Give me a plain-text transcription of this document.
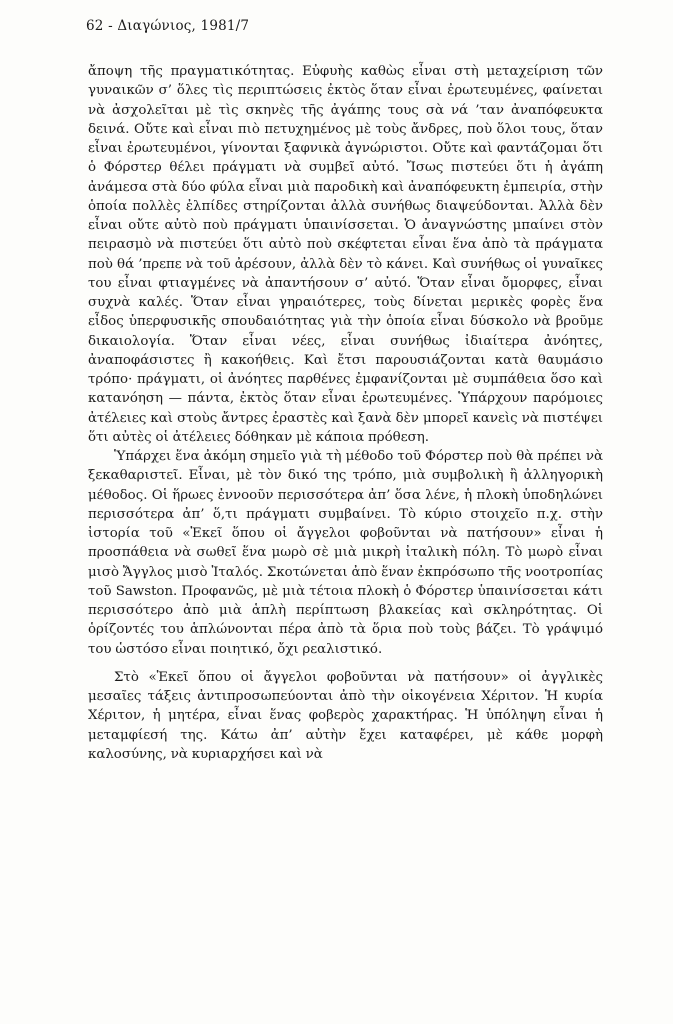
62 - Διαγώνιος, 1981/7

ἄποψη τῆς πραγματικότητας. Εὐφυὴς καθὼς εἶναι στὴ μεταχείριση τῶν γυναικῶν σ’ ὅλες τὶς περιπτώσεις ἐκτὸς ὅταν εἶναι ἐρωτευμένες, φαίνεται νὰ ἀσχολεῖται μὲ τὶς σκηνὲς τῆς ἀγάπης τους σὰ νά ’ταν ἀναπόφευκτα δεινά. Οὔτε καὶ εἶναι πιὸ πετυχημένος μὲ τοὺς ἄνδρες, ποὺ ὅλοι τους, ὅταν εἶναι ἐρωτευμένοι, γίνονται ξαφνικὰ ἀγνώριστοι. Οὔτε καὶ φαντάζομαι ὅτι ὁ Φόρστερ θέλει πράγματι νὰ συμβεῖ αὐτό. Ἴσως πιστεύει ὅτι ἡ ἀγάπη ἀνάμεσα στὰ δύο φύλα εἶναι μιὰ παροδικὴ καὶ ἀναπόφευκτη ἐμπειρία, στὴν ὁποία πολλὲς ἐλπίδες στηρίζονται ἀλλὰ συνήθως διαψεύδονται. Ἀλλὰ δὲν εἶναι οὔτε αὐτὸ ποὺ πράγματι ὑπαινίσσεται. Ὁ ἀναγνώστης μπαίνει στὸν πειρασμὸ νὰ πιστεύει ὅτι αὐτὸ ποὺ σκέφτεται εἶναι ἕνα ἀπὸ τὰ πράγματα ποὺ θά ’πρεπε νὰ τοῦ ἀρέσουν, ἀλλὰ δὲν τὸ κάνει. Καὶ συνήθως οἱ γυναῖκες του εἶναι φτιαγμένες νὰ ἀπαντήσουν σ’ αὐτό. Ὅταν εἶναι ὄμορφες, εἶναι συχνὰ καλές. Ὅταν εἶναι γηραιότερες, τοὺς δίνεται μερικὲς φορὲς ἕνα εἶδος ὑπερφυσικῆς σπουδαιότητας γιὰ τὴν ὁποία εἶναι δύσκολο νὰ βροῦμε δικαιολογία. Ὅταν εἶναι νέες, εἶναι συνήθως ἰδιαίτερα ἀνόητες, ἀναποφάσιστες ἢ κακοήθεις. Καὶ ἔτσι παρουσιάζονται κατὰ θαυμάσιο τρόπο· πράγματι, οἱ ἀνόητες παρθένες ἐμφανίζονται μὲ συμπάθεια ὅσο καὶ κατανόηση — πάντα, ἐκτὸς ὅταν εἶναι ἐρωτευμένες. Ὑπάρχουν παρόμοιες ἀτέλειες καὶ στοὺς ἄντρες ἐραστὲς καὶ ξανὰ δὲν μπορεῖ κανεὶς νὰ πιστέψει ὅτι αὐτὲς οἱ ἀτέλειες δόθηκαν μὲ κάποια πρόθεση.

Ὑπάρχει ἕνα ἀκόμη σημεῖο γιὰ τὴ μέθοδο τοῦ Φόρστερ ποὺ θὰ πρέπει νὰ ξεκαθαριστεῖ. Εἶναι, μὲ τὸν δικό της τρόπο, μιὰ συμβολικὴ ἢ ἀλληγορικὴ μέθοδος. Οἱ ἥρωες ἐννοοῦν περισσότερα ἀπ’ ὅσα λένε, ἡ πλοκὴ ὑποδηλώνει περισσότερα ἀπ’ ὅ,τι πράγματι συμβαίνει. Τὸ κύριο στοιχεῖο π.χ. στὴν ἱστορία τοῦ «Ἐκεῖ ὅπου οἱ ἄγγελοι φοβοῦνται νὰ πατήσουν» εἶναι ἡ προσπάθεια νὰ σωθεῖ ἕνα μωρὸ σὲ μιὰ μικρὴ ἰταλικὴ πόλη. Τὸ μωρὸ εἶναι μισὸ Ἄγγλος μισὸ Ἰταλός. Σκοτώνεται ἀπὸ ἕναν ἐκπρόσωπο τῆς νοοτροπίας τοῦ Sawston. Προφανῶς, μὲ μιὰ τέτοια πλοκὴ ὁ Φόρστερ ὑπαινίσσεται κάτι περισσότερο ἀπὸ μιὰ ἁπλὴ περίπτωση βλακείας καὶ σκληρότητας. Οἱ ὁρίζοντές του ἁπλώνονται πέρα ἀπὸ τὰ ὅρια ποὺ τοὺς βάζει. Τὸ γράψιμό του ὡστόσο εἶναι ποιητικό, ὄχι ρεαλιστικό.

Στὸ «Ἐκεῖ ὅπου οἱ ἄγγελοι φοβοῦνται νὰ πατήσουν» οἱ ἀγγλικὲς μεσαῖες τάξεις ἀντιπροσωπεύονται ἀπὸ τὴν οἰκογένεια Χέριτον. Ἡ κυρία Χέριτον, ἡ μητέρα, εἶναι ἕνας φοβερὸς χαρακτήρας. Ἡ ὑπόληψη εἶναι ἡ μεταμφίεσή της. Κάτω ἀπ’ αὐτὴν ἔχει καταφέρει, μὲ κάθε μορφὴ καλοσύνης, νὰ κυριαρχήσει καὶ νὰ
